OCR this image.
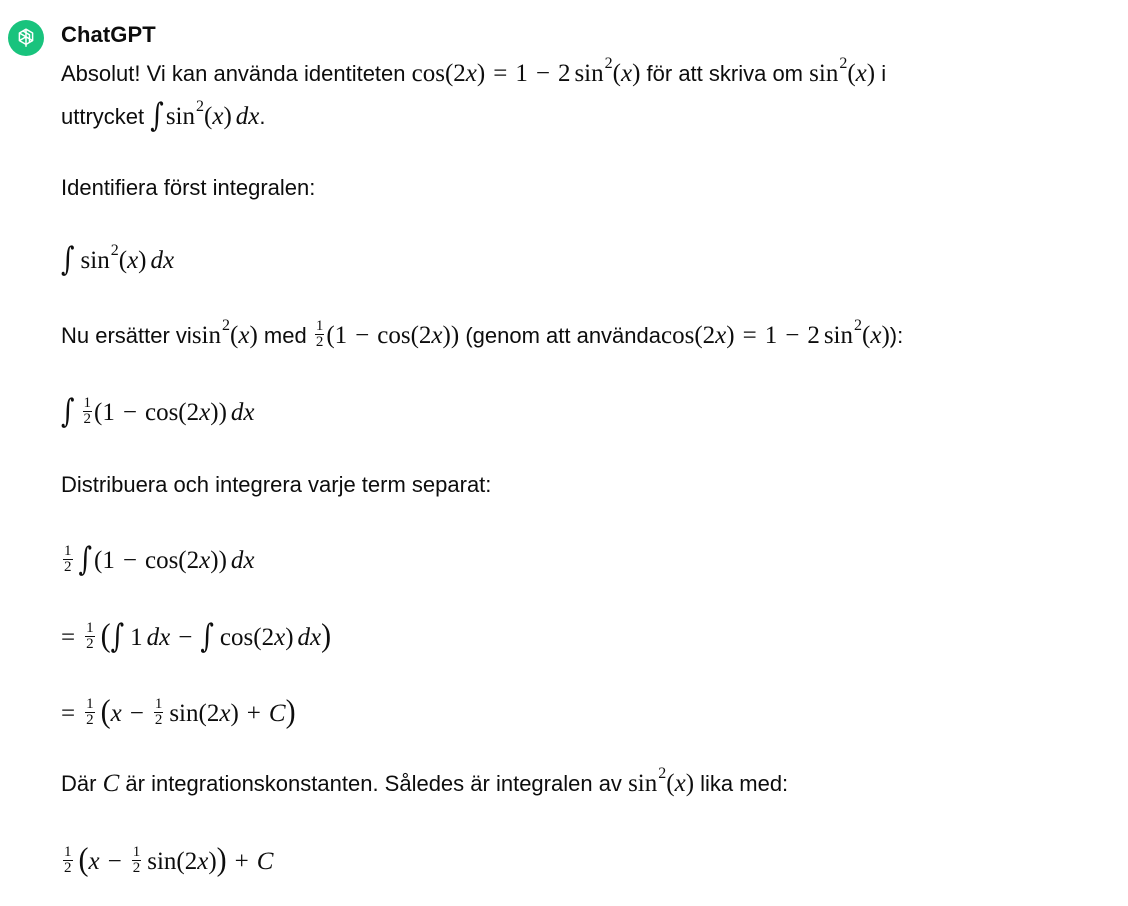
ChatGPT
Absolut! Vi kan använda identiteten cos(2x) = 1 − 2 $\sin^2(x)$ för att skriva om $\sin^2(x)$ i
uttrycket $\int\sin^2(x)$ dx.
Identifiera först integralen:
∫ $\sin^2(x)$ dx
Nu ersätter visin$^2$(x) med $\frac{1}{2} (1 - \cos(2x))$ (genom att användacos(2x) = 1 − 2 $\sin^2(x)$):
∫ $\frac{1}{2} (1 - \cos(2x))$ dx
Distribuera och integrera varje term separat:
$\frac{1}{2} \int(1 - \cos(2x))$ dx
= $\frac{1}{2}$ (∫ 1 dx − ∫ cos(2x) dx)
= $\frac{1}{2} (x - \frac{1}{2} \sin(2x) + C)$
Där C är integrationskonstanten. Således är integralen av $\sin^2(x)$ lika med:
$\frac{1}{2} (x - \frac{1}{2} \sin(2x)) + C$
